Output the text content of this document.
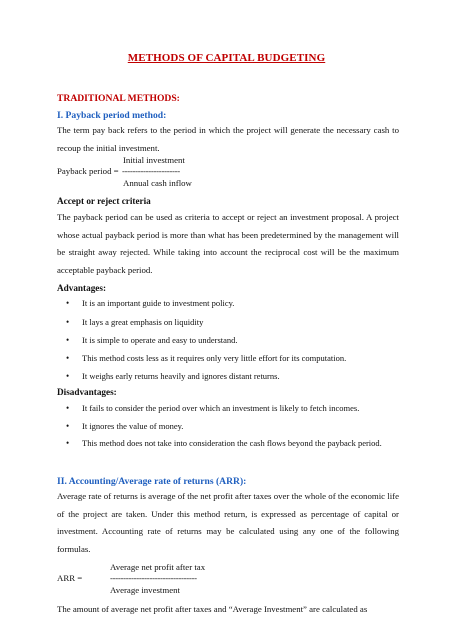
METHODS OF CAPITAL BUDGETING
TRADITIONAL METHODS:
I. Payback period method:
The term pay back refers to the period in which the project will generate the necessary cash to recoup the initial investment.
Initial investment
Payback period = ----------------------
Annual cash inflow
Accept or reject criteria
The payback period can be used as criteria to accept or reject an investment proposal. A project whose actual payback period is more than what has been predetermined by the management will be straight away rejected. While taking into account the reciprocal cost will be the maximum acceptable payback period.
Advantages:
• It is an important guide to investment policy.
• It lays a great emphasis on liquidity
• It is simple to operate and easy to understand.
• This method costs less as it requires only very little effort for its computation.
• It weighs early returns heavily and ignores distant returns.
Disadvantages:
• It fails to consider the period over which an investment is likely to fetch incomes.
• It ignores the value of money.
• This method does not take into consideration the cash flows beyond the payback period.
II. Accounting/Average rate of returns (ARR):
Average rate of returns is average of the net profit after taxes over the whole of the economic life of the project are taken. Under this method return, is expressed as percentage of capital or investment. Accounting rate of returns may be calculated using any one of the following formulas.
Average net profit after tax
ARR =	---------------------------------
Average investment
The amount of average net profit after taxes and “Average Investment” are calculated as
